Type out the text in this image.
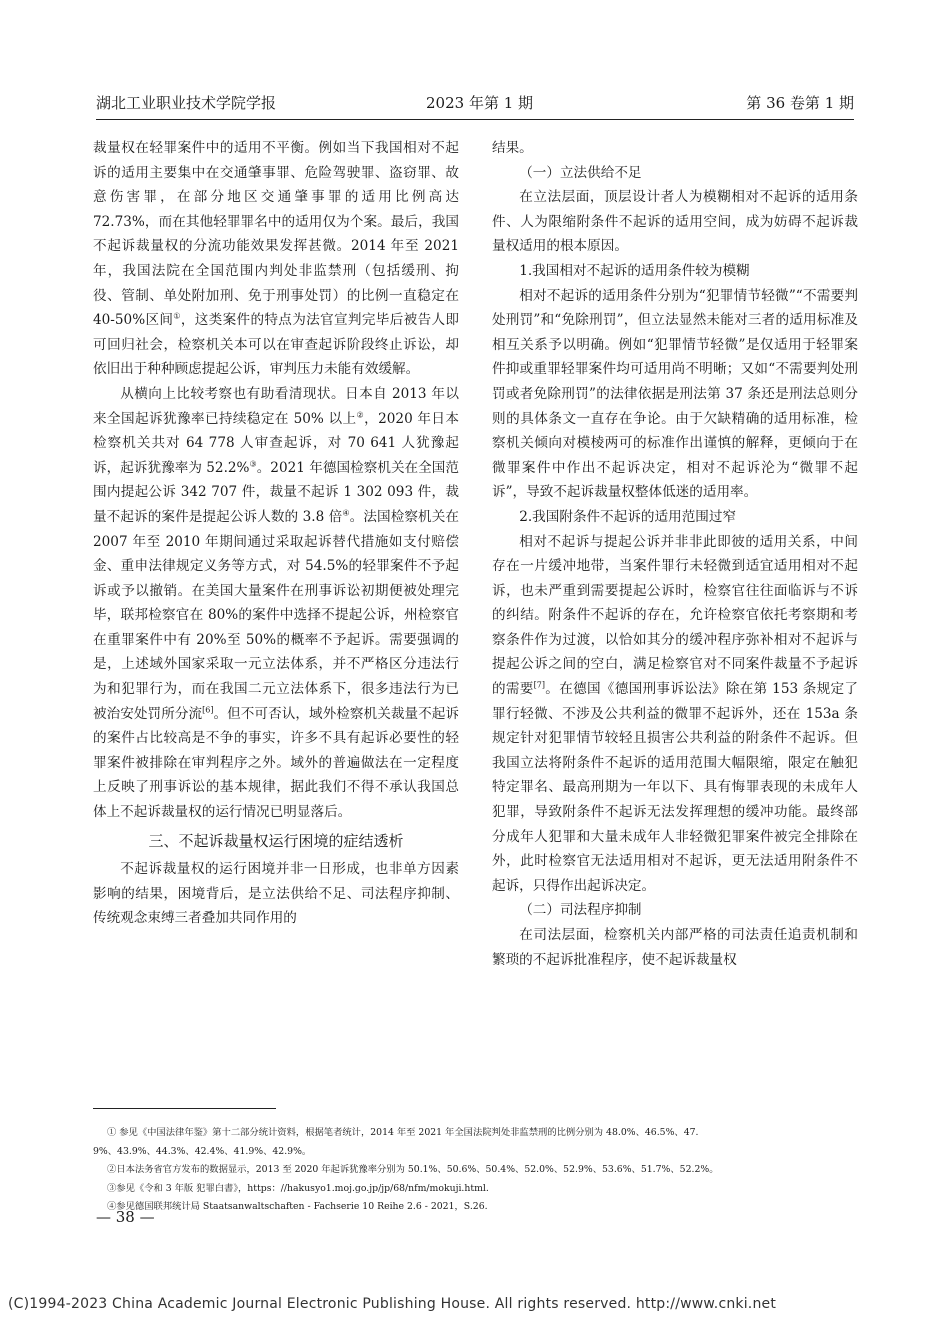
湖北工业职业技术学院学报	2023 年第 1 期	第 36 卷第 1 期

裁量权在轻罪案件中的适用不平衡。例如当下我国相对不起诉的适用主要集中在交通肇事罪、危险驾驶罪、盗窃罪、故意伤害罪，在部分地区交通肇事罪的适用比例高达 72.73%，而在其他轻罪罪名中的适用仅为个案。最后，我国不起诉裁量权的分流功能效果发挥甚微。2014 年至 2021 年，我国法院在全国范围内判处非监禁刑（包括缓刑、拘役、管制、单处附加刑、免于刑事处罚）的比例一直稳定在 40-50%区间①，这类案件的特点为法官宣判完毕后被告人即可回归社会，检察机关本可以在审查起诉阶段终止诉讼，却依旧出于种种顾虑提起公诉，审判压力未能有效缓解。

从横向上比较考察也有助看清现状。日本自 2013 年以来全国起诉犹豫率已持续稳定在 50% 以上②，2020 年日本检察机关共对 64 778 人审查起诉，对 70 641 人犹豫起诉，起诉犹豫率为 52.2%③。2021 年德国检察机关在全国范围内提起公诉 342 707 件，裁量不起诉 1 302 093 件，裁量不起诉的案件是提起公诉人数的 3.8 倍④。法国检察机关在 2007 年至 2010 年期间通过采取起诉替代措施如支付赔偿金、重申法律规定义务等方式，对 54.5%的轻罪案件不予起诉或予以撤销。在美国大量案件在刑事诉讼初期便被处理完毕，联邦检察官在 80%的案件中选择不提起公诉，州检察官在重罪案件中有 20%至 50%的概率不予起诉。需要强调的是，上述域外国家采取一元立法体系，并不严格区分违法行为和犯罪行为，而在我国二元立法体系下，很多违法行为已被治安处罚所分流[6]。但不可否认，域外检察机关裁量不起诉的案件占比较高是不争的事实，许多不具有起诉必要性的轻罪案件被排除在审判程序之外。域外的普遍做法在一定程度上反映了刑事诉讼的基本规律，据此我们不得不承认我国总体上不起诉裁量权的运行情况已明显落后。

三、不起诉裁量权运行困境的症结透析

不起诉裁量权的运行困境并非一日形成，也非单方因素影响的结果，困境背后，是立法供给不足、司法程序抑制、传统观念束缚三者叠加共同作用的

结果。

（一）立法供给不足

在立法层面，顶层设计者人为模糊相对不起诉的适用条件、人为限缩附条件不起诉的适用空间，成为妨碍不起诉裁量权适用的根本原因。

1.我国相对不起诉的适用条件较为模糊

相对不起诉的适用条件分别为“犯罪情节轻微”“不需要判处刑罚”和“免除刑罚”，但立法显然未能对三者的适用标准及相互关系予以明确。例如“犯罪情节轻微”是仅适用于轻罪案件抑或重罪轻罪案件均可适用尚不明晰；又如“不需要判处刑罚或者免除刑罚”的法律依据是刑法第 37 条还是刑法总则分则的具体条文一直存在争论。由于欠缺精确的适用标准，检察机关倾向对模棱两可的标准作出谨慎的解释，更倾向于在微罪案件中作出不起诉决定，相对不起诉沦为“微罪不起诉”，导致不起诉裁量权整体低迷的适用率。

2.我国附条件不起诉的适用范围过窄

相对不起诉与提起公诉并非非此即彼的适用关系，中间存在一片缓冲地带，当案件罪行未轻微到适宜适用相对不起诉，也未严重到需要提起公诉时，检察官往往面临诉与不诉的纠结。附条件不起诉的存在，允许检察官依托考察期和考察条件作为过渡，以恰如其分的缓冲程序弥补相对不起诉与提起公诉之间的空白，满足检察官对不同案件裁量不予起诉的需要[7]。在德国《德国刑事诉讼法》除在第 153 条规定了罪行轻微、不涉及公共利益的微罪不起诉外，还在 153a 条规定针对犯罪情节较轻且损害公共利益的附条件不起诉。但我国立法将附条件不起诉的适用范围大幅限缩，限定在触犯特定罪名、最高刑期为一年以下、具有悔罪表现的未成年人犯罪，导致附条件不起诉无法发挥理想的缓冲功能。最终部分成年人犯罪和大量未成年人非轻微犯罪案件被完全排除在外，此时检察官无法适用相对不起诉，更无法适用附条件不起诉，只得作出起诉决定。

（二）司法程序抑制

在司法层面，检察机关内部严格的司法责任追责机制和繁琐的不起诉批准程序，使不起诉裁量权

① 参见《中国法律年鉴》第十二部分统计资料，根据笔者统计，2014 年至 2021 年全国法院判处非监禁刑的比例分别为 48.0%、46.5%、47.
9%、43.9%、44.3%、42.4%、41.9%、42.9%。
②日本法务省官方发布的数据显示，2013 至 2020 年起诉犹豫率分别为 50.1%、50.6%、50.4%、52.0%、52.9%、53.6%、51.7%、52.2%。
③参见《令和 3 年版 犯罪白書》，https：//hakusyo1.moj.go.jp/jp/68/nfm/mokuji.html.
④参见德国联邦统计局 Staatsanwaltschaften - Fachserie 10 Reihe 2.6 - 2021，S.26.
— 38 —
(C)1994-2023 China Academic Journal Electronic Publishing House. All rights reserved. http://www.cnki.net
